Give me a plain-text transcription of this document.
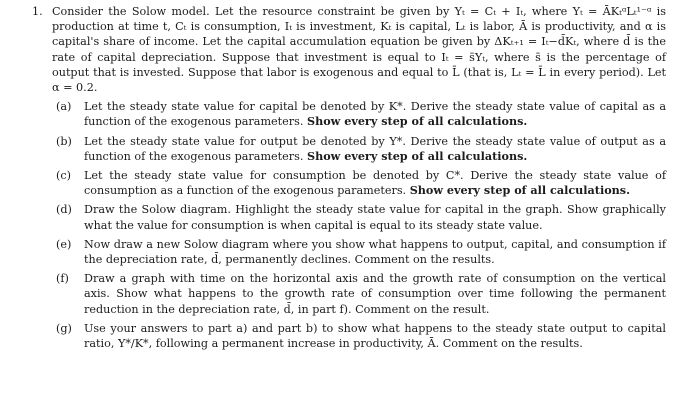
1. Consider the Solow model. Let the resource constraint be given by Yₜ = Cₜ + Iₜ, where Yₜ = ĀKₜᵅLₜ¹⁻ᵅ is production at time t, Cₜ is consumption, Iₜ is investment, Kₜ is capital, Lₜ is labor, Ā is productivity, and α is capital's share of income. Let the capital accumulation equation be given by ΔKₜ₊₁ = Iₜ−d̄Kₜ, where d̄ is the rate of capital depreciation. Suppose that investment is equal to Iₜ = s̄Yₜ, where s̄ is the percentage of output that is invested. Suppose that labor is exogenous and equal to L̄ (that is, Lₜ = L̄ in every period). Let α = 0.2.

(a)	Let the steady state value for capital be denoted by K*. Derive the steady state value of capital as a function of the exogenous parameters. Show every step of all calculations.
(b)	Let the steady state value for output be denoted by Y*. Derive the steady state value of output as a function of the exogenous parameters. Show every step of all calculations.
(c)	Let the steady state value for consumption be denoted by C*. Derive the steady state value of consumption as a function of the exogenous parameters. Show every step of all calculations.
(d)	Draw the Solow diagram. Highlight the steady state value for capital in the graph. Show graphically what the value for consumption is when capital is equal to its steady state value.
(e)	Now draw a new Solow diagram where you show what happens to output, capital, and consumption if the depreciation rate, d̄, permanently declines. Comment on the results.
(f)	Draw a graph with time on the horizontal axis and the growth rate of consumption on the vertical axis. Show what happens to the growth rate of consumption over time following the permanent reduction in the depreciation rate, d̄, in part f). Comment on the result.
(g)	Use your answers to part a) and part b) to show what happens to the steady state output to capital ratio, Y*/K*, following a permanent increase in productivity, Ā. Comment on the results.
